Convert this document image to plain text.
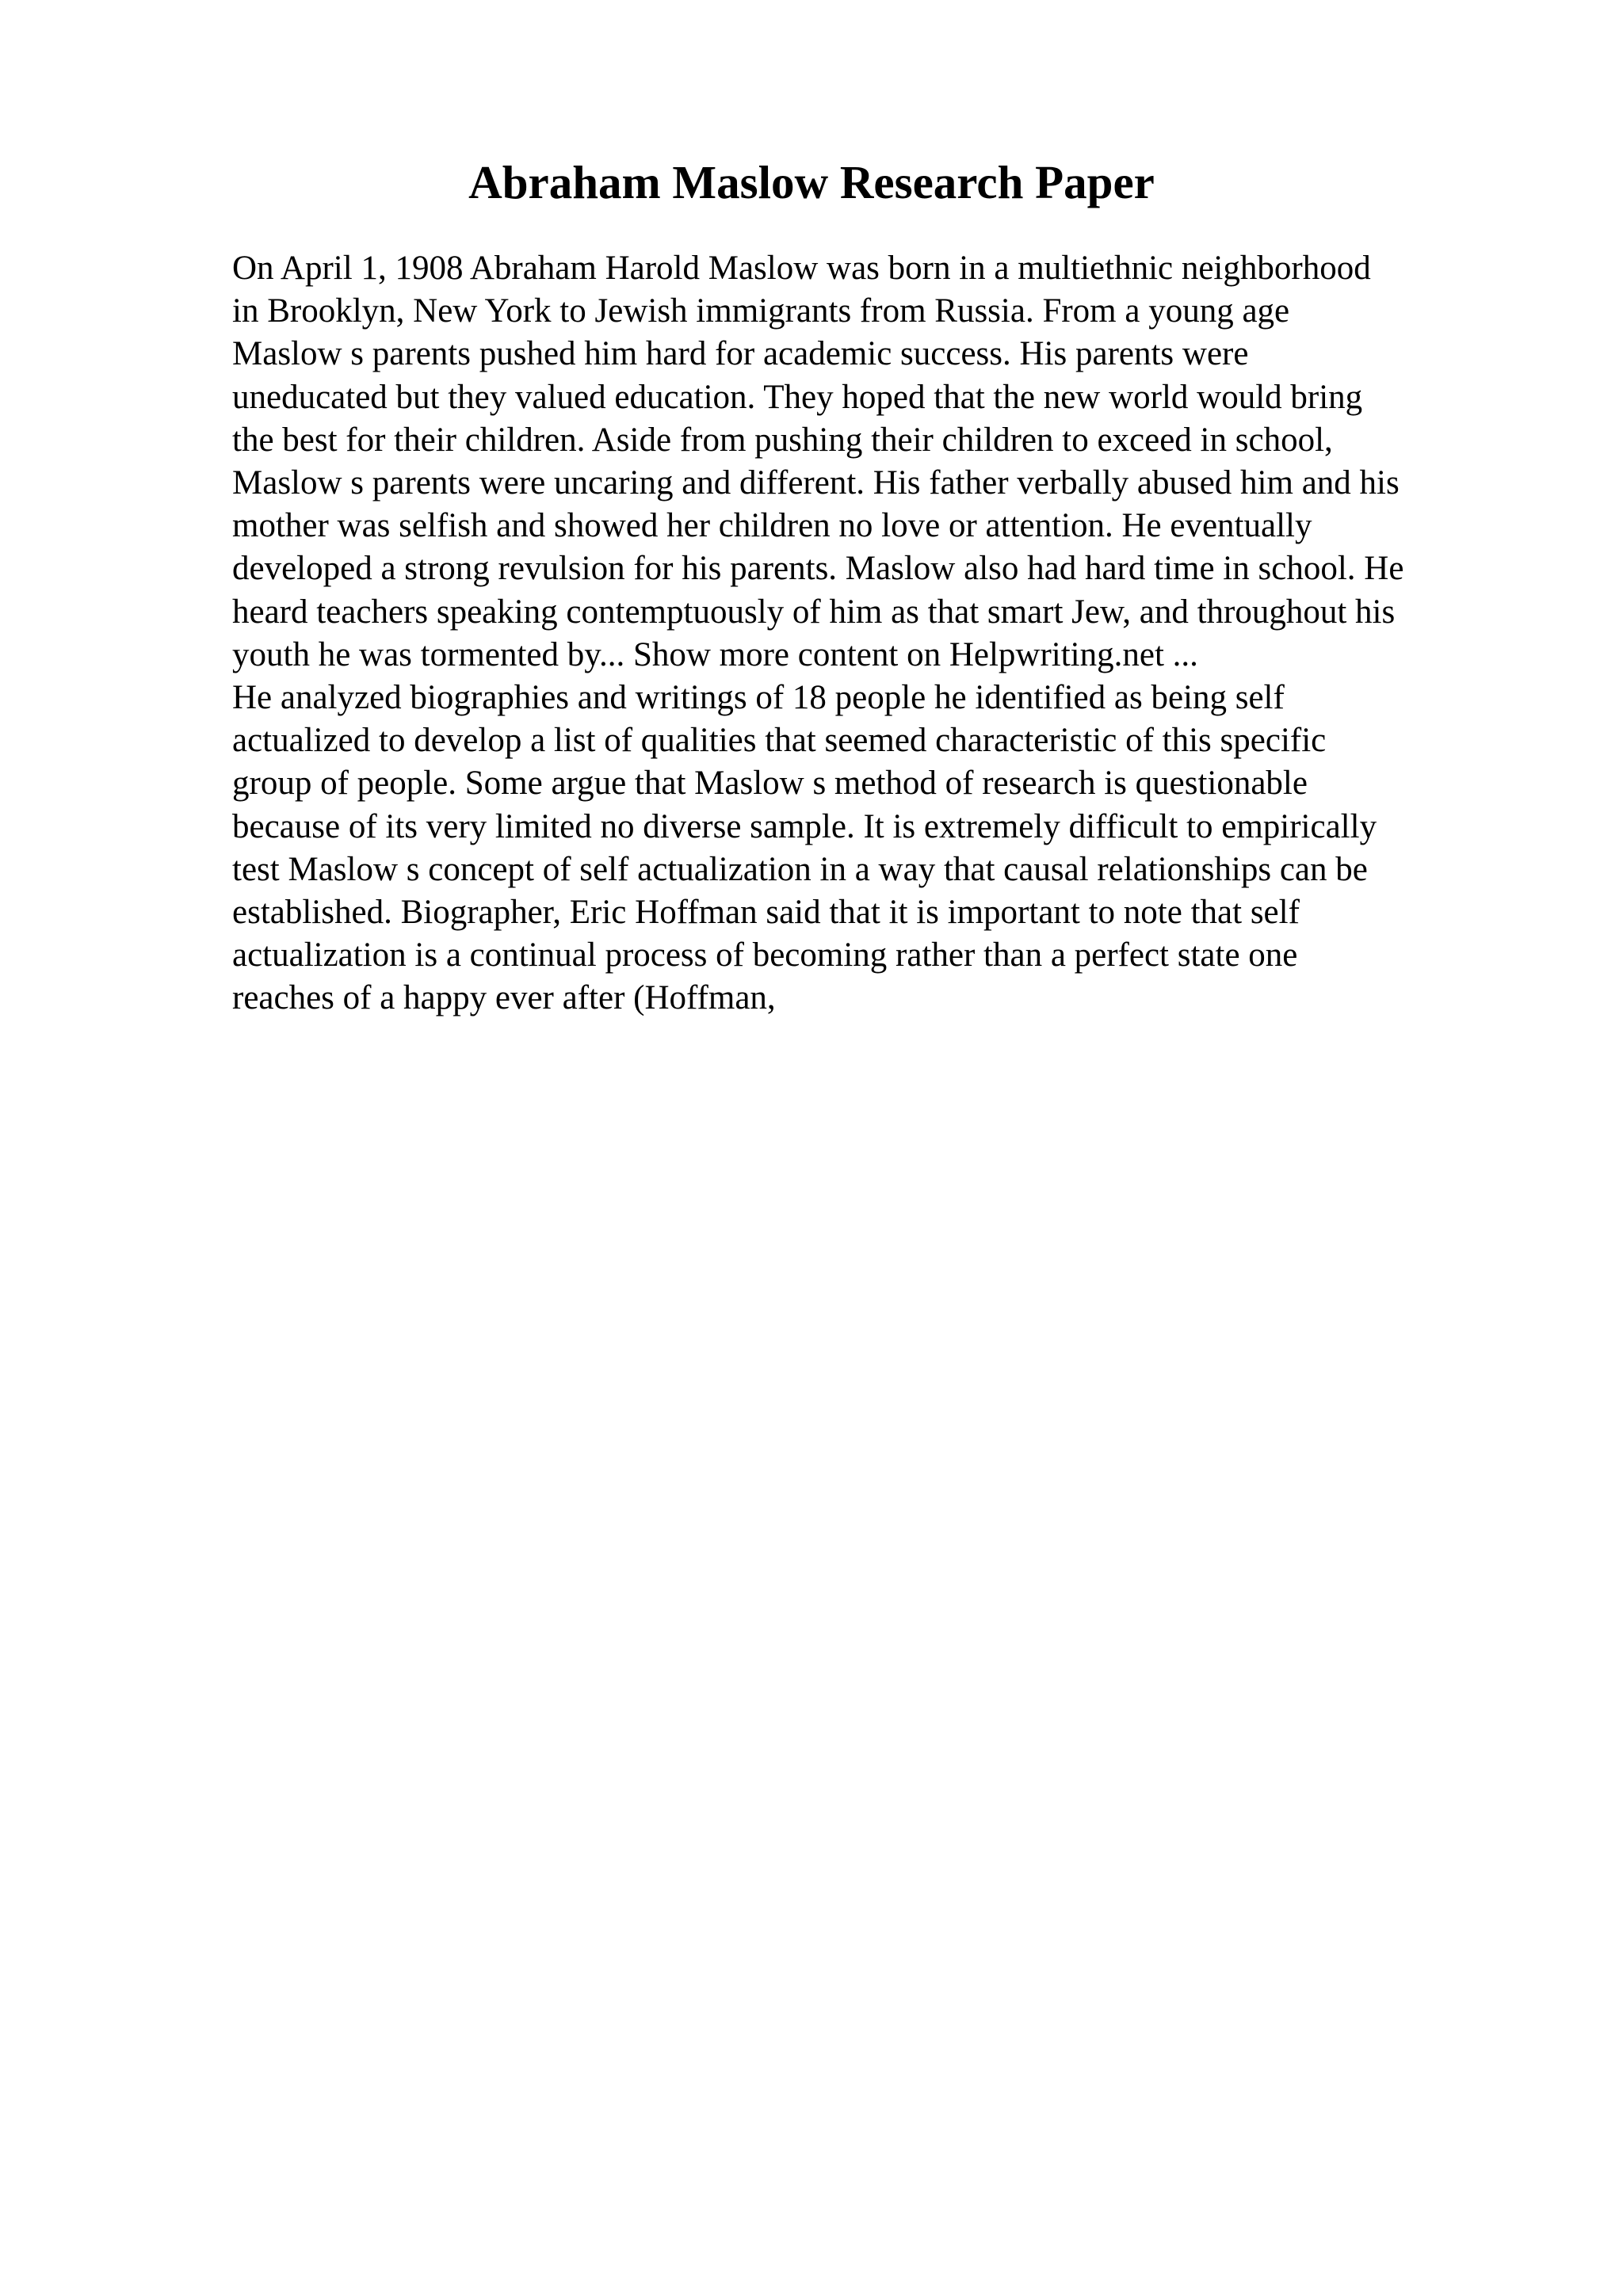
Abraham Maslow Research Paper
On April 1, 1908 Abraham Harold Maslow was born in a multiethnic neighborhood
in Brooklyn, New York to Jewish immigrants from Russia. From a young age
Maslow s parents pushed him hard for academic success. His parents were
uneducated but they valued education. They hoped that the new world would bring
the best for their children. Aside from pushing their children to exceed in school,
Maslow s parents were uncaring and different. His father verbally abused him and his
mother was selfish and showed her children no love or attention. He eventually
developed a strong revulsion for his parents. Maslow also had hard time in school. He
heard teachers speaking contemptuously of him as that smart Jew, and throughout his
youth he was tormented by... Show more content on Helpwriting.net ...
He analyzed biographies and writings of 18 people he identified as being self
actualized to develop a list of qualities that seemed characteristic of this specific
group of people. Some argue that Maslow s method of research is questionable
because of its very limited no diverse sample. It is extremely difficult to empirically
test Maslow s concept of self actualization in a way that causal relationships can be
established. Biographer, Eric Hoffman said that it is important to note that self
actualization is a continual process of becoming rather than a perfect state one
reaches of a happy ever after (Hoffman,
